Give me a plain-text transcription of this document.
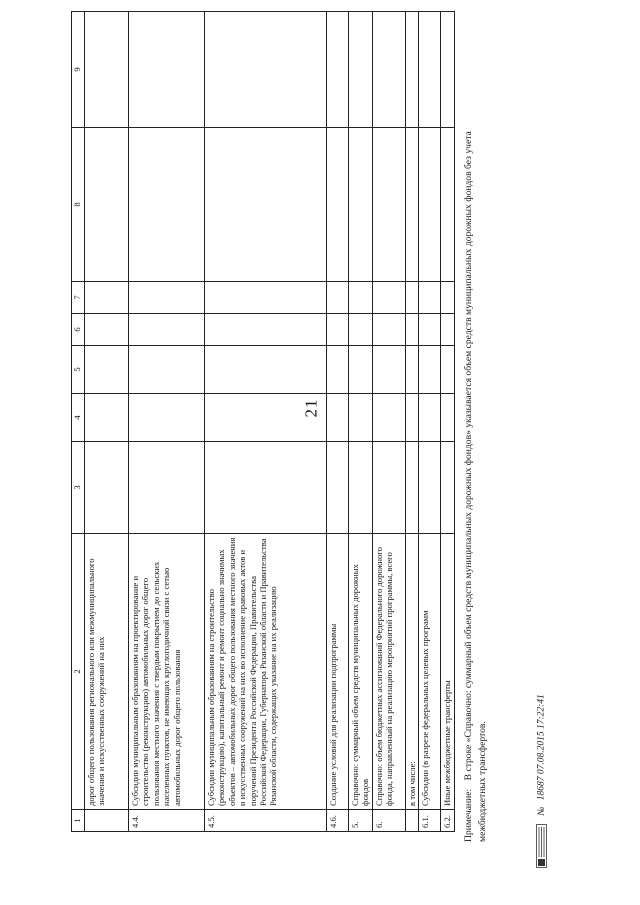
21
1	2	3	4	5	6	7	8	9
	дорог общего пользования регионального или межмуниципального значения и искусственных сооружений на них							
4.4.	Субсидии муниципальным образованиям на проектирование и строительство (реконструкцию) автомобильных дорог общего пользования местного значения с твердым покрытием до сельских населенных пунктов, не имеющих круглогодичной связи с сетью автомобильных дорог общего пользования							
4.5.	Субсидии муниципальным образованиям на строительство (реконструкцию), капитальный ремонт и ремонт социально значимых объектов – автомобильных дорог общего пользования местного значения и искусственных сооружений на них во исполнение правовых актов и поручений Президента Российской Федерации, Правительства Российской Федерации, Губернатора Рязанской области и Правительства Рязанской области, содержащих указание на их реализацию							
4.6.	Создание условий для реализации подпрограммы							
5.	Справочно: суммарный объем средств муниципальных дорожных фондов							
6.	Справочно: объем бюджетных ассигнований Федерального дорожного фонда, направленный на реализацию мероприятий программы, всего							
	в том числе:							
6.1.	Субсидии (в разрезе федеральных целевых программ							
6.2.	Иные межбюджетные трансферты							
Примечание: В строке «Справочно: суммарный объем средств муниципальных дорожных фондов» указывается объем средств муниципальных дорожных фондов без учета межбюджетных трансфертов.	№ 18687 07.08.2015 17:22:41
